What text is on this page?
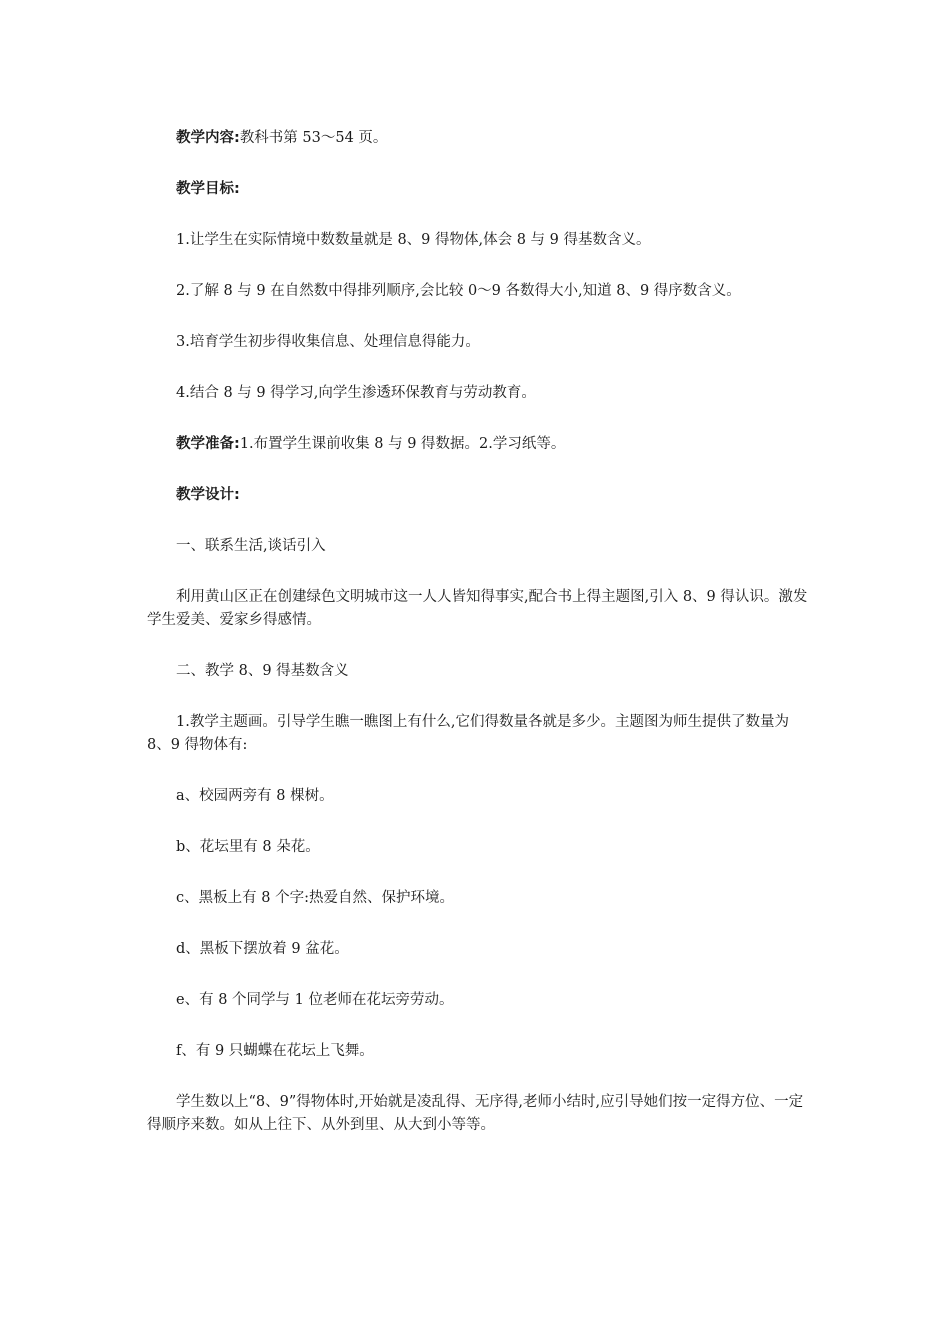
教学内容:教科书第 53～54 页。

教学目标:

1.让学生在实际情境中数数量就是 8、9 得物体,体会 8 与 9 得基数含义。

2.了解 8 与 9 在自然数中得排列顺序,会比较 0～9 各数得大小,知道 8、9 得序数含义。

3.培育学生初步得收集信息、处理信息得能力。

4.结合 8 与 9 得学习,向学生渗透环保教育与劳动教育。

教学准备:1.布置学生课前收集 8 与 9 得数据。2.学习纸等。

教学设计:

一、联系生活,谈话引入

利用黄山区正在创建绿色文明城市这一人人皆知得事实,配合书上得主题图,引入 8、9 得认识。激发学生爱美、爱家乡得感情。

二、教学 8、9 得基数含义

1.教学主题画。引导学生瞧一瞧图上有什么,它们得数量各就是多少。主题图为师生提供了数量为 8、9 得物体有:

a、校园两旁有 8 棵树。

b、花坛里有 8 朵花。

c、黑板上有 8 个字:热爱自然、保护环境。

d、黑板下摆放着 9 盆花。

e、有 8 个同学与 1 位老师在花坛旁劳动。

f、有 9 只蝴蝶在花坛上飞舞。

学生数以上“8、9”得物体时,开始就是凌乱得、无序得,老师小结时,应引导她们按一定得方位、一定得顺序来数。如从上往下、从外到里、从大到小等等。
